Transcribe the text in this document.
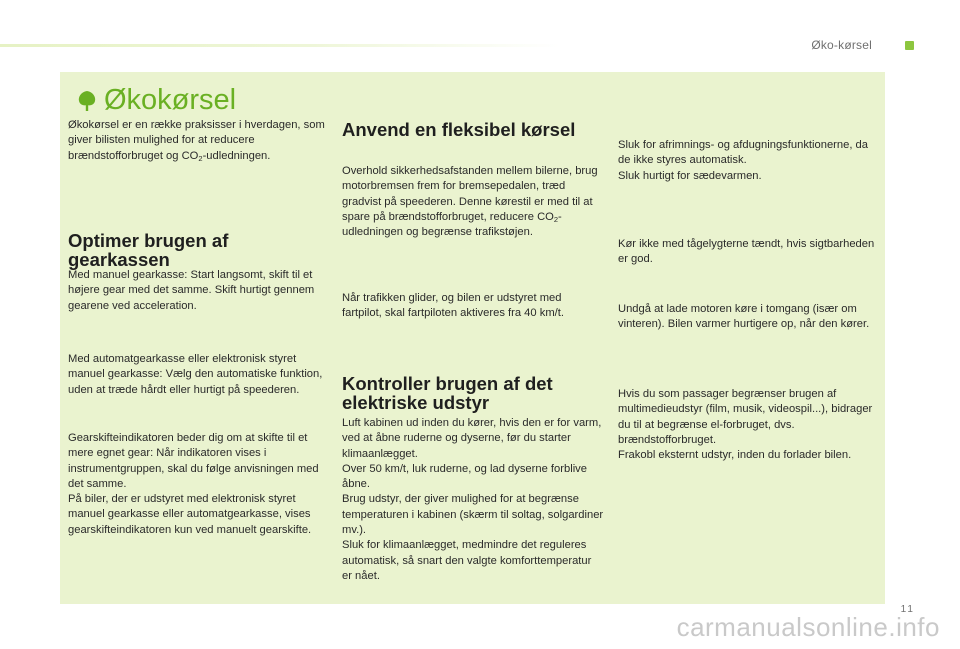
Øko-kørsel
Økokørsel

Økokørsel er en række praksisser i hverdagen, som giver bilisten mulighed for at reducere brændstofforbruget og $CO_2$-udledningen.

Optimer brugen af gearkassen

Med manuel gearkasse: Start langsomt, skift til et højere gear med det samme. Skift hurtigt gennem gearene ved acceleration.

Med automatgearkasse eller elektronisk styret manuel gearkasse: Vælg den automatiske funktion, uden at træde hårdt eller hurtigt på speederen.

Gearskifteindikatoren beder dig om at skifte til et mere egnet gear: Når indikatoren vises i instrumentgruppen, skal du følge anvisningen med det samme.
På biler, der er udstyret med elektronisk styret manuel gearkasse eller automatgearkasse, vises gearskifteindikatoren kun ved manuelt gearskifte.

Anvend en fleksibel kørsel

Overhold sikkerhedsafstanden mellem bilerne, brug motorbremsen frem for bremsepedalen, træd gradvist på speederen. Denne kørestil er med til at spare på brændstofforbruget, reducere $CO_2$-udledningen og begrænse trafikstøjen.

Når trafikken glider, og bilen er udstyret med fartpilot, skal fartpiloten aktiveres fra 40 km/t.

Kontroller brugen af det elektriske udstyr

Luft kabinen ud inden du kører, hvis den er for varm, ved at åbne ruderne og dyserne, før du starter klimaanlægget.
Over 50 km/t, luk ruderne, og lad dyserne forblive åbne.
Brug udstyr, der giver mulighed for at begrænse temperaturen i kabinen (skærm til soltag, solgardiner mv.).
Sluk for klimaanlægget, medmindre det reguleres automatisk, så snart den valgte komforttemperatur er nået.

Sluk for afrimnings- og afdugningsfunktionerne, da de ikke styres automatisk.
Sluk hurtigt for sædevarmen.

Kør ikke med tågelygterne tændt, hvis sigtbarheden er god.

Undgå at lade motoren køre i tomgang (især om vinteren). Bilen varmer hurtigere op, når den kører.

Hvis du som passager begrænser brugen af multimedieudstyr (film, musik, videospil...), bidrager du til at begrænse el-forbruget, dvs. brændstofforbruget.
Frakobl eksternt udstyr, inden du forlader bilen.

11
carmanualsonline.info
